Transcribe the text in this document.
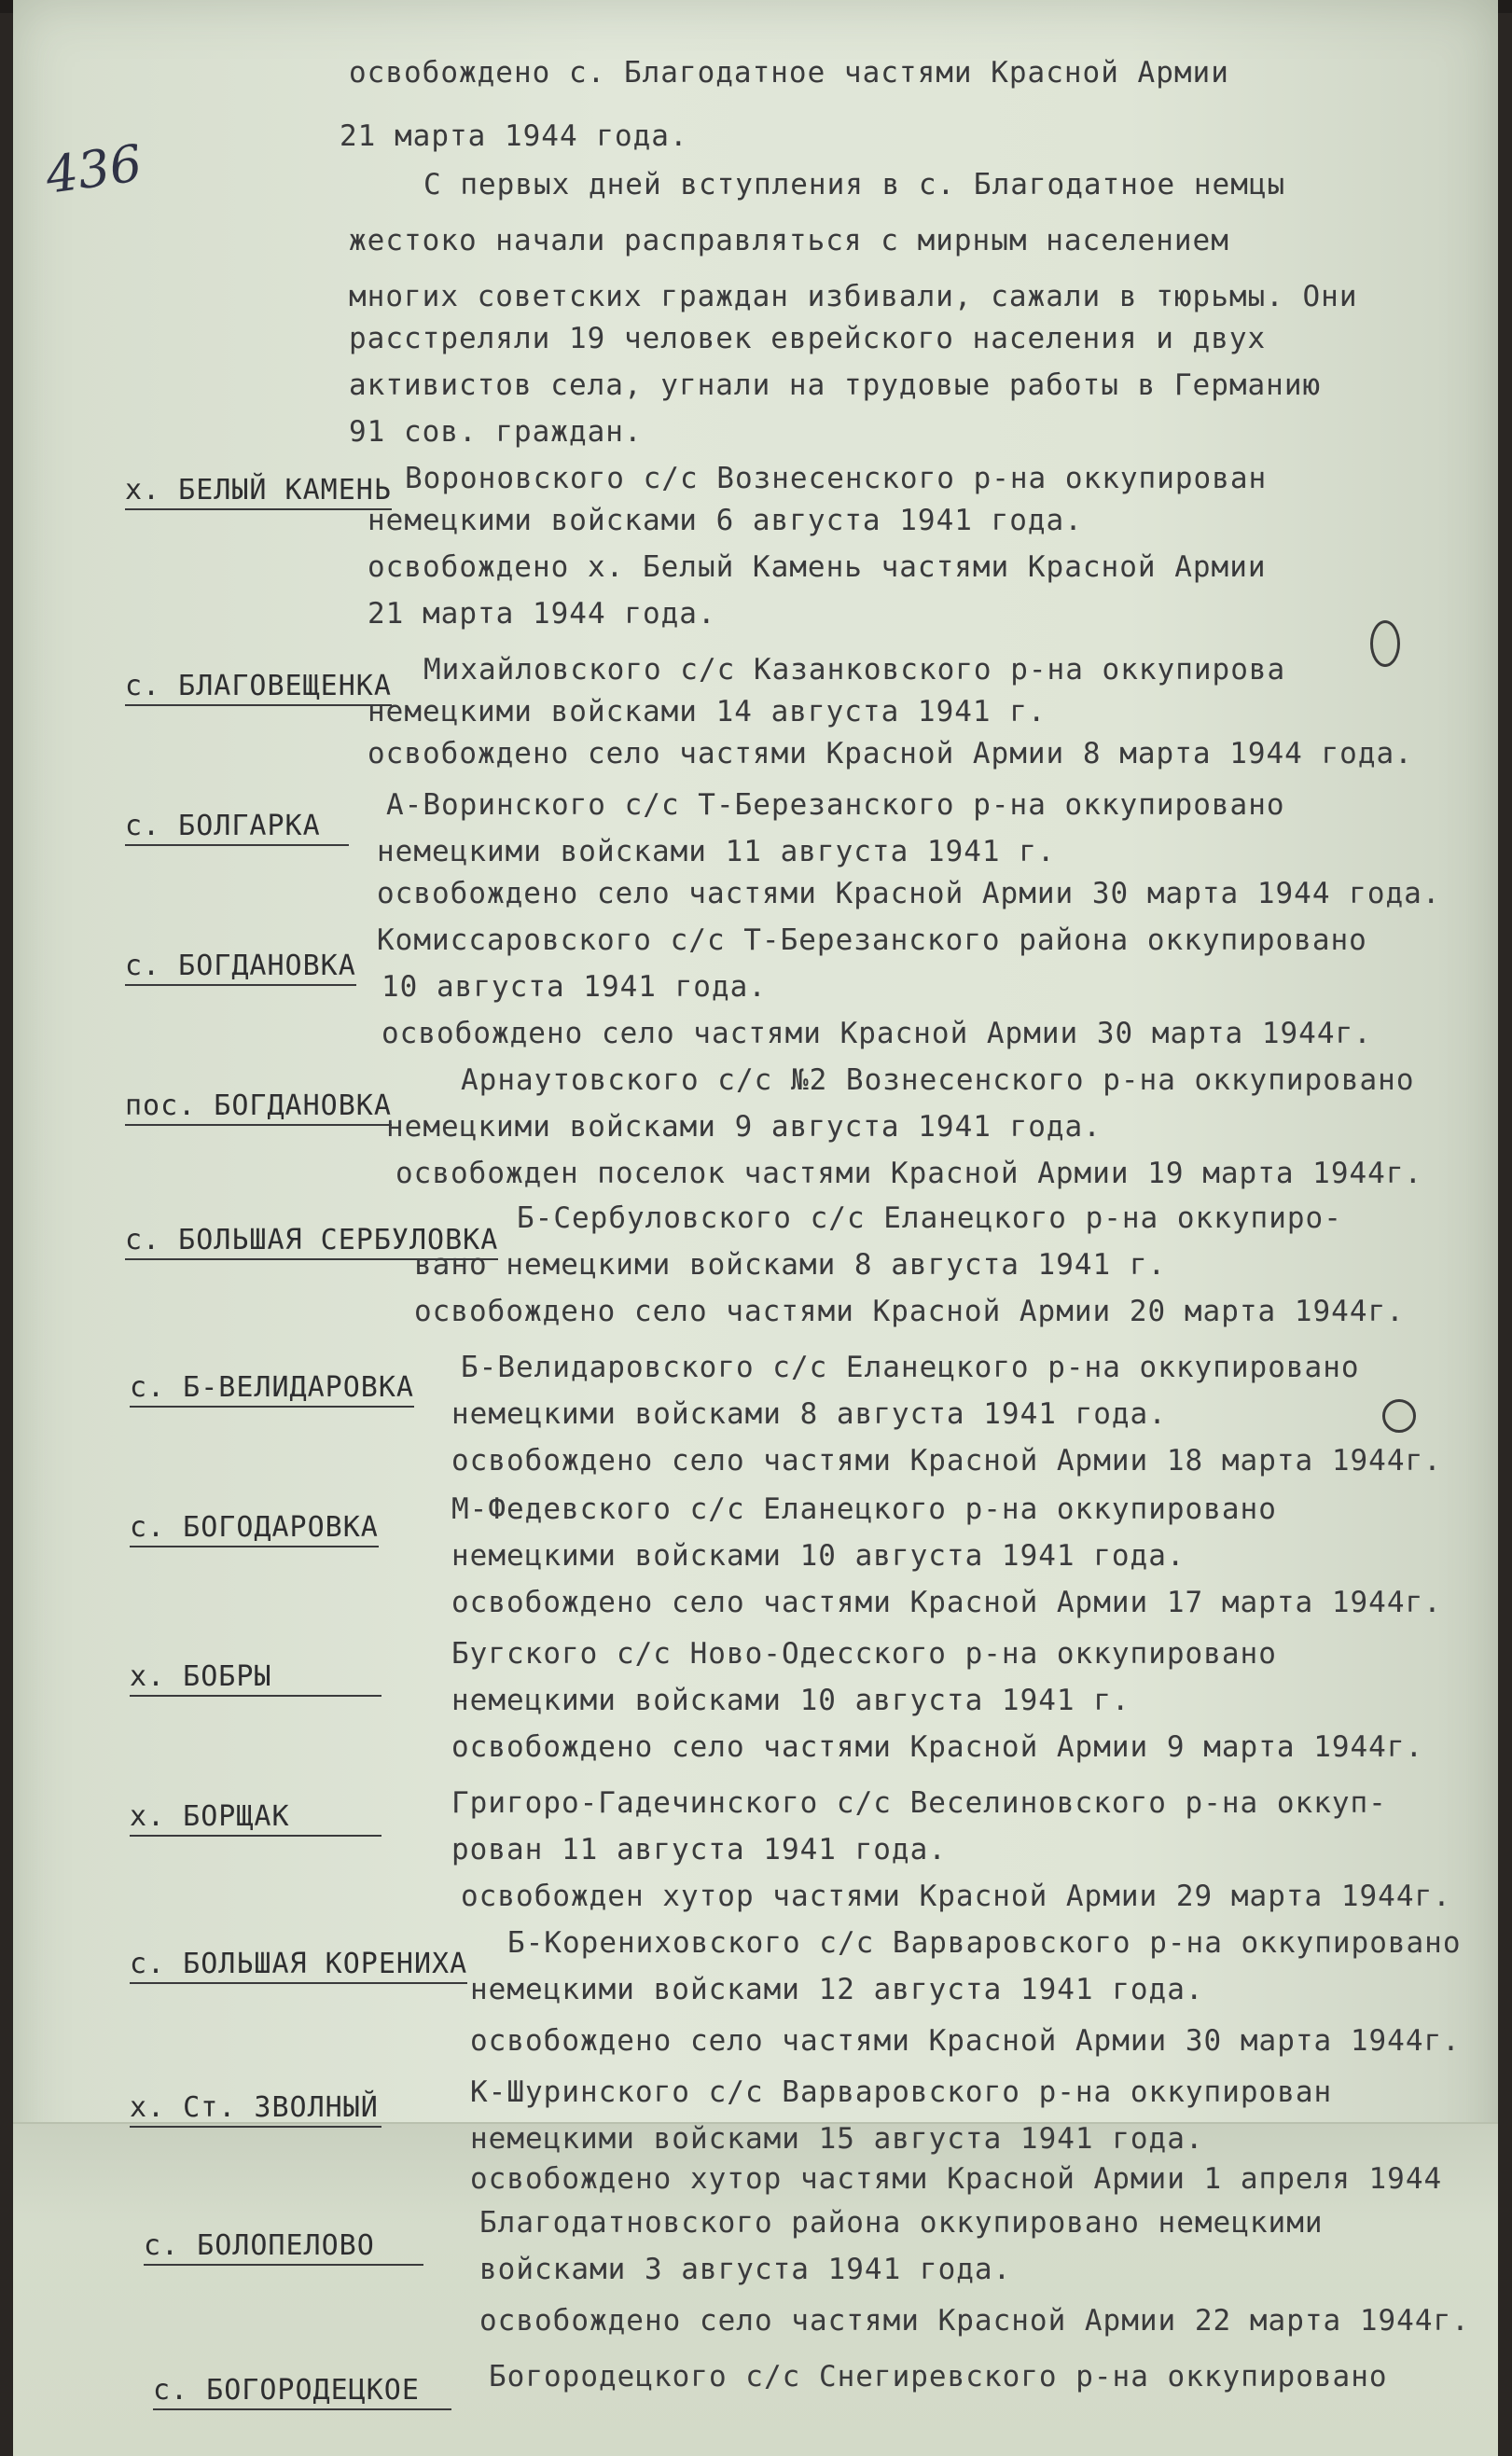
436
освобождено с. Благодатное частями Красной Армии
21 марта 1944 года.
С первых дней вступления в с. Благодатное немцы
жестоко начали расправляться с мирным населением
многих советских граждан избивали, сажали в тюрьмы. Они
расстреляли 19 человек еврейского населения и двух
активистов села, угнали на трудовые работы в Германию
91 сов. граждан.
х. БЕЛЫЙ КАМЕНЬ Вороновского с/с Вознесенского р-на оккупирован
немецкими войсками 6 августа 1941 года.
освобождено х. Белый Камень частями Красной Армии
21 марта 1944 года.
с. БЛАГОВЕЩЕНКА Михайловского с/с Казанковского р-на оккупирова
немецкими войсками 14 августа 1941 г.
освобождено село частями Красной Армии 8 марта 1944 года.
с. БОЛГАРКА
А-Воринского с/с Т-Березанского р-на оккупировано
немецкими войсками 11 августа 1941 г.
освобождено село частями Красной Армии 30 марта 1944 года.
с. БОГДАНОВКА
Комиссаровского с/с Т-Березанского района оккупировано
10 августа 1941 года.
освобождено село частями Красной Армии 30 марта 1944г.
пос. БОГДАНОВКА
Арнаутовского с/с №2 Вознесенского р-на оккупировано
немецкими войсками 9 августа 1941 года.
освобожден поселок частями Красной Армии 19 марта 1944г.
с. БОЛЬШАЯ СЕРБУЛОВКА
Б-Сербуловского с/с Еланецкого р-на оккупиро-
вано немецкими войсками 8 августа 1941 г.
освобождено село частями Красной Армии 20 марта 1944г.
с. Б-ВЕЛИДАРОВКА
Б-Велидаровского с/с Еланецкого р-на оккупировано
немецкими войсками 8 августа 1941 года.
освобождено село частями Красной Армии 18 марта 1944г.
с. БОГОДАРОВКА
М-Федевского с/с Еланецкого р-на оккупировано
немецкими войсками 10 августа 1941 года.
освобождено село частями Красной Армии 17 марта 1944г.
х. БОБРЫ
Бугского с/с Ново-Одесского р-на оккупировано
немецкими войсками 10 августа 1941 г.
освобождено село частями Красной Армии 9 марта 1944г.
х. БОРЩАК	Григоро-Гадечинского с/с Веселиновского р-на оккуп-
рован 11 августа 1941 года.
освобожден хутор частями Красной Армии 29 марта 1944г.
с. БОЛЬШАЯ КОРЕНИХА
Б-Корениховского с/с Варваровского р-на оккупировано
немецкими войсками 12 августа 1941 года.
освобождено село частями Красной Армии 30 марта 1944г.
х. Ст. ЗВОЛНЫЙ	К-Шуринского с/с Варваровского р-на оккупирован
немецкими войсками 15 августа 1941 года.
освобождено хутор частями Красной Армии 1 апреля 1944
с. БОЛОПЕЛОВО
Благодатновского района оккупировано немецкими
войсками 3 августа 1941 года.
освобождено село частями Красной Армии 22 марта 1944г.
с. БОГОРОДЕЦКОЕ	Богородецкого с/с Снегиревского р-на оккупировано
